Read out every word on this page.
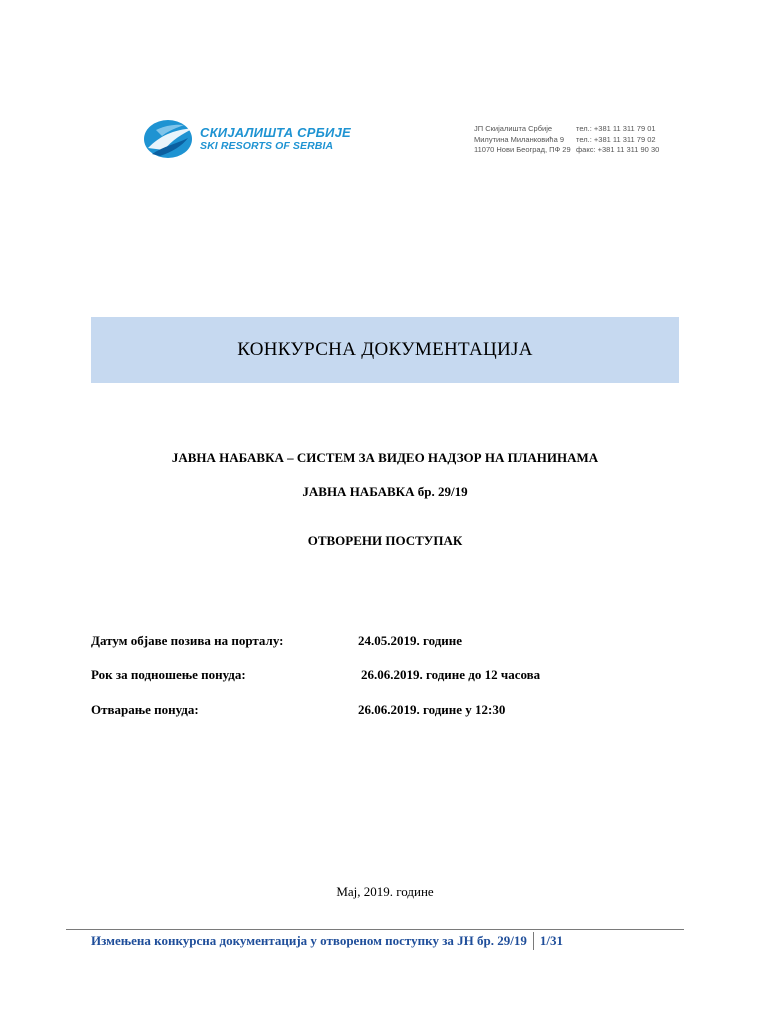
СКИЈАЛИШТА СРБИЈЕ
SKI RESORTS OF SERBIA
ЈП Скијалишта Србије
Милутина Миланковића 9
11070 Нови Београд, ПФ 29
тел.: +381 11 311 79 01
тел.: +381 11 311 79 02
факс: +381 11 311 90 30
КОНКУРСНА ДОКУМЕНТАЦИЈА
ЈАВНА НАБАВКА – СИСТЕМ ЗА ВИДЕО НАДЗОР НА ПЛАНИНАМА
ЈАВНА НАБАВКА бр. 29/19
ОТВОРЕНИ ПОСТУПАК
Датум објаве позива на порталу:	24.05.2019. године
Рок за подношење понуда:	26.06.2019. године до 12 часова
Отварање понуда:	26.06.2019. године у 12:30
Мај, 2019. године
Измењена конкурсна документација у отвореном поступку за ЈН бр. 29/19 1/31
